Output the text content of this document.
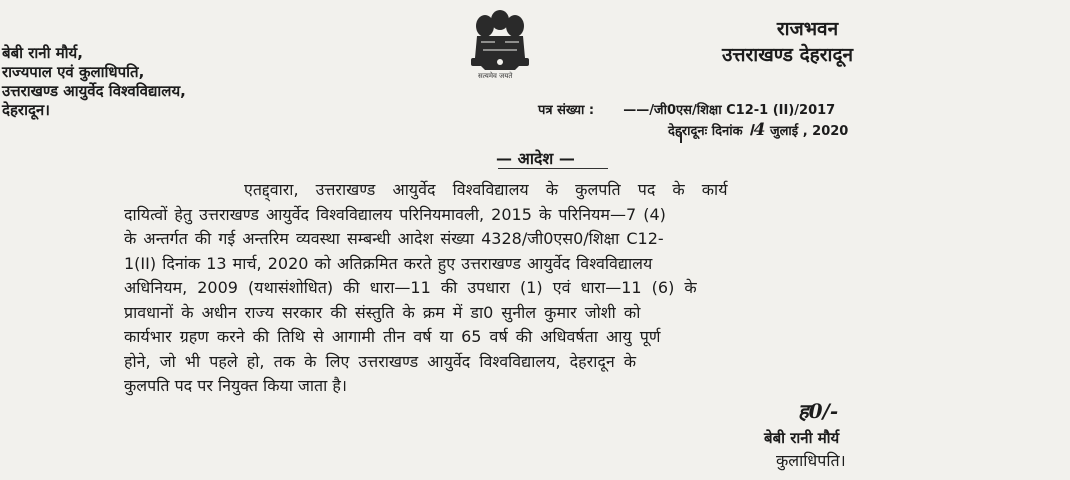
बेबी रानी मौर्य,
राज्यपाल एवं कुलाधिपति,
उत्तराखण्ड आयुर्वेद विश्वविद्यालय,
देहरादून।
सत्यमेव जयते
राजभवन
उत्तराखण्ड देहरादून
पत्र संख्या : ——/जी0एस/शिक्षा C12-1 (II)/2017
देहरादूनः दिनांक ।4 जुलाई , 2020
— आदेश —
एतद्द्वारा, उत्तराखण्ड आयुर्वेद विश्वविद्यालय के कुलपति पद के कार्य
दायित्वों हेतु उत्तराखण्ड आयुर्वेद विश्वविद्यालय परिनियमावली, 2015 के परिनियम—7 (4)
के अन्तर्गत की गई अन्तरिम व्यवस्था सम्बन्धी आदेश संख्या 4328/जी0एस0/शिक्षा C12-
1(II) दिनांक 13 मार्च, 2020 को अतिक्रमित करते हुए उत्तराखण्ड आयुर्वेद विश्वविद्यालय
अधिनियम, 2009 (यथासंशोधित) की धारा—11 की उपधारा (1) एवं धारा—11 (6) के
प्रावधानों के अधीन राज्य सरकार की संस्तुति के क्रम में डा0 सुनील कुमार जोशी को
कार्यभार ग्रहण करने की तिथि से आगामी तीन वर्ष या 65 वर्ष की अधिवर्षता आयु पूर्ण
होने, जो भी पहले हो, तक के लिए उत्तराखण्ड आयुर्वेद विश्वविद्यालय, देहरादून के
कुलपति पद पर नियुक्त किया जाता है।
ह0/-
बेबी रानी मौर्य
कुलाधिपति।
